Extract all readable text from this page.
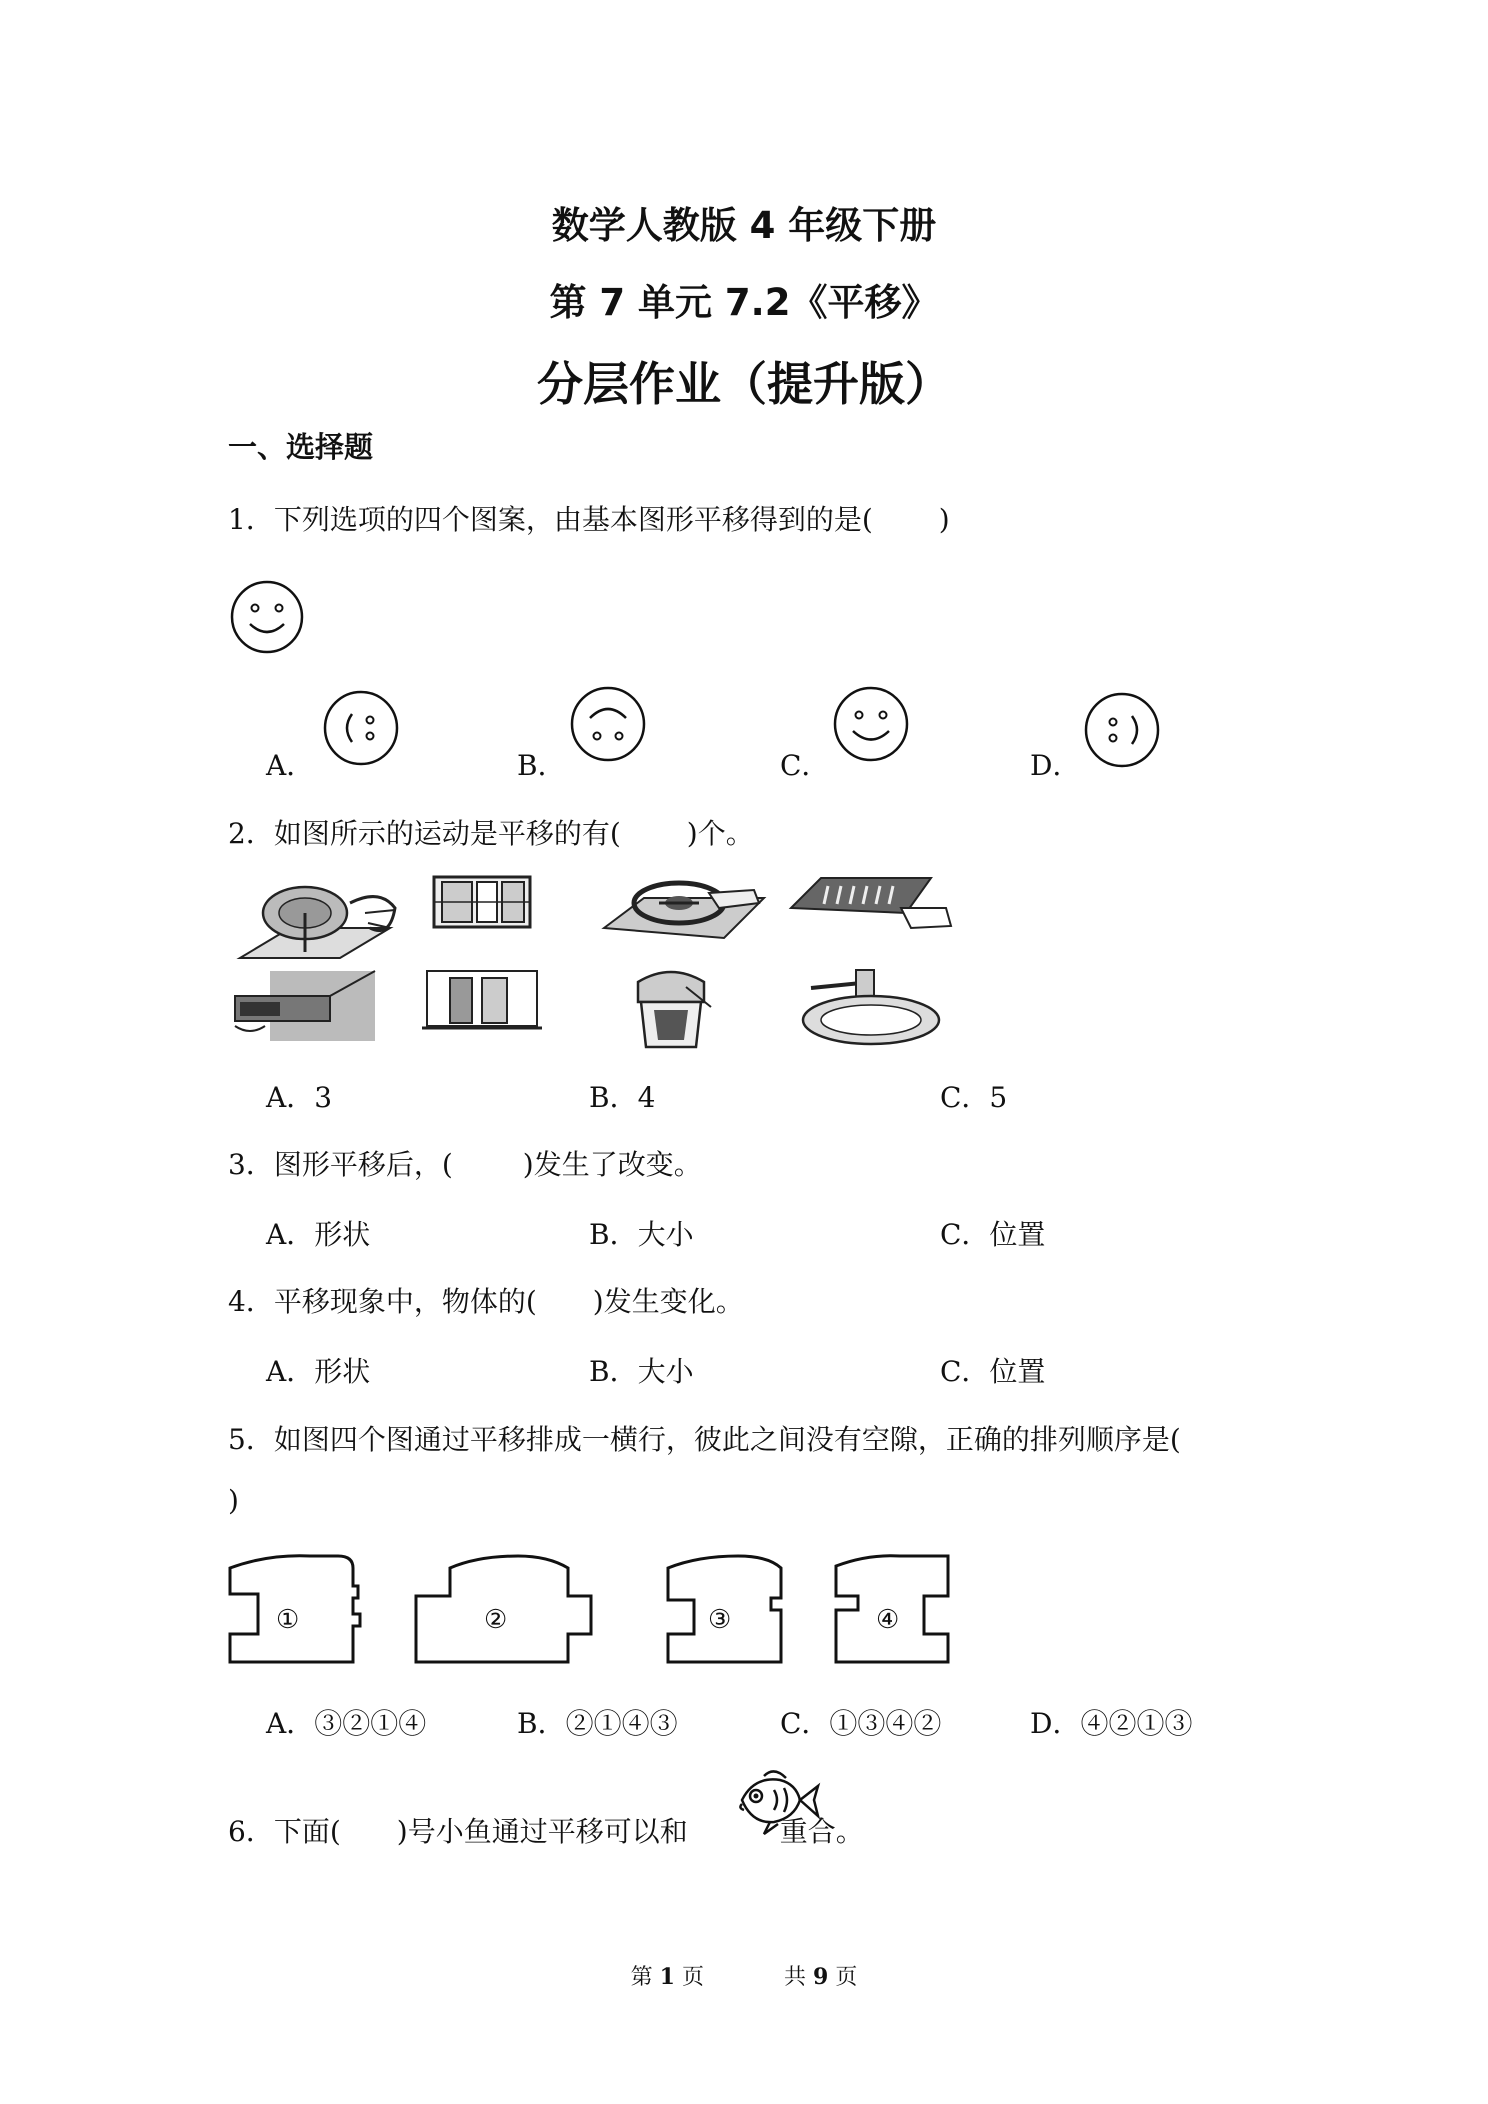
数学人教版 4 年级下册
第 7 单元 7.2《平移》
分层作业（提升版）
一、选择题
1．下列选项的四个图案，由基本图形平移得到的是( )
A．	B．	C．	D．
2．如图所示的运动是平移的有( )个。
A．3	B．4	C．5
3．图形平移后，(	)发生了改变。
A．形状	B．大小	C．位置
4．平移现象中，物体的( )发生变化。
A．形状	B．大小	C．位置
5．如图四个图通过平移排成一横行，彼此之间没有空隙，正确的排列顺序是(
)
①	②	③	④
A．③②①④	B．②①④③	C．①③④②	D．④②①③
6．下面( )号小鱼通过平移可以和	重合。
第 1 页	共 9 页
